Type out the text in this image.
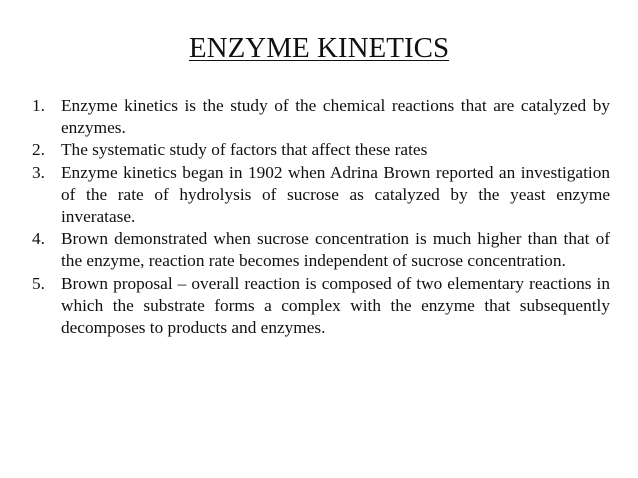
ENZYME KINETICS
1. Enzyme kinetics is the study of the chemical reactions that are catalyzed by enzymes.
2. The systematic study of factors that affect these rates
3. Enzyme kinetics began in 1902 when Adrina Brown reported an investigation of the rate of hydrolysis of sucrose as catalyzed by the yeast enzyme inveratase.
4. Brown demonstrated when sucrose concentration is much higher than that of the enzyme, reaction rate becomes independent of sucrose concentration.
5. Brown proposal – overall reaction is composed of two elementary reactions in which the substrate forms a complex with the enzyme that subsequently decomposes to products and enzymes.
